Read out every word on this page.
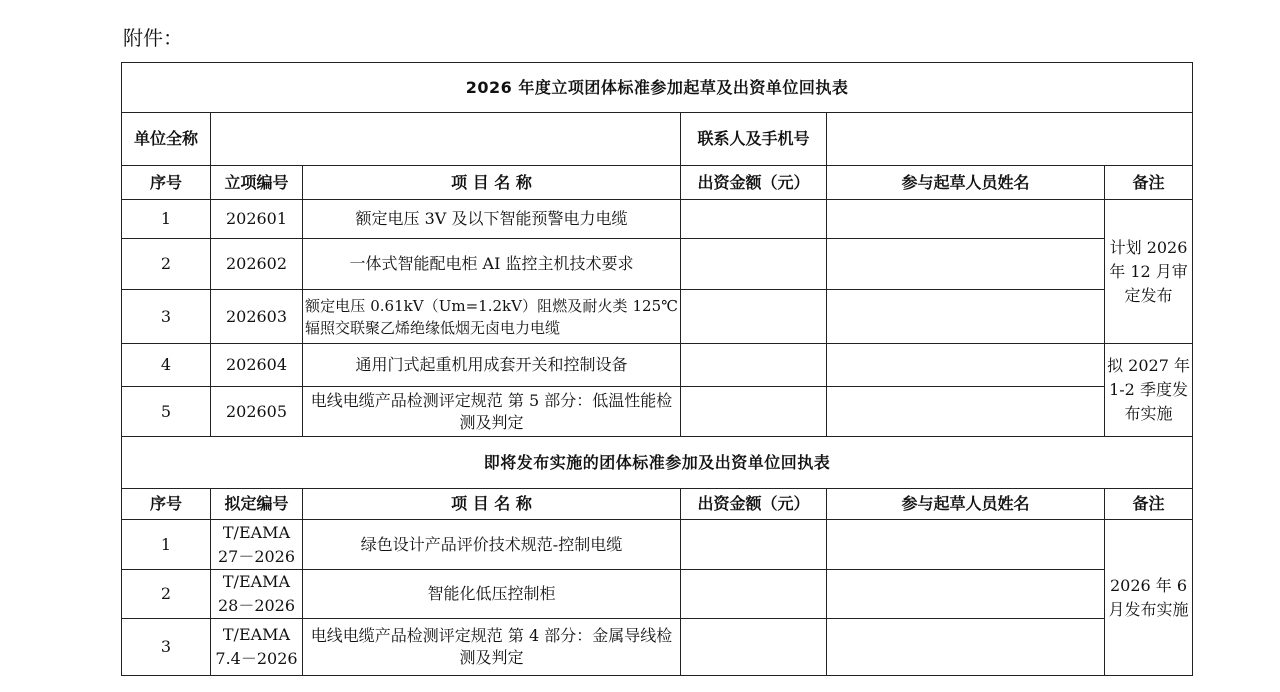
附件：
2026 年度立项团体标准参加起草及出资单位回执表					
单位全称			联系人及手机号		
序号	立项编号	项 目 名 称	出资金额（元）	参与起草人员姓名	备注
1	202601	额定电压 3V 及以下智能预警电力电缆			计划 2026 年 12 月审定发布
2	202602	一体式智能配电柜 AI 监控主机技术要求			
3	202603	额定电压 0.61kV（Um=1.2kV）阻燃及耐火类 125℃辐照交联聚乙烯绝缘低烟无卤电力电缆			
4	202604	通用门式起重机用成套开关和控制设备			拟 2027 年 1-2 季度发布实施
5	202605	电线电缆产品检测评定规范 第 5 部分：低温性能检测及判定			
即将发布实施的团体标准参加及出资单位回执表					
序号	拟定编号	项 目 名 称	出资金额（元）	参与起草人员姓名	备注
1	T/EAMA 27－2026	绿色设计产品评价技术规范-控制电缆			2026 年 6 月发布实施
2	T/EAMA 28－2026	智能化低压控制柜			
3	T/EAMA 7.4－2026	电线电缆产品检测评定规范 第 4 部分：金属导线检测及判定			
